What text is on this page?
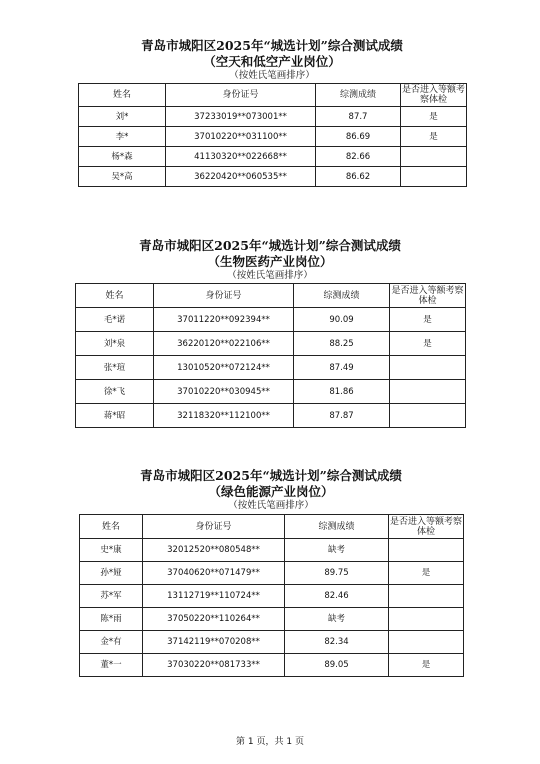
青岛市城阳区2025年“城选计划”综合测试成绩
（空天和低空产业岗位）
（按姓氏笔画排序）
姓名	身份证号	综测成绩	是否进入等额考察体检
刘*	37233019**073001**	87.7	是
李*	37010220**031100**	86.69	是
杨*森	41130320**022668**	82.66	
吴*高	36220420**060535**	86.62	
青岛市城阳区2025年“城选计划”综合测试成绩
（生物医药产业岗位）
（按姓氏笔画排序）
姓名	身份证号	综测成绩	是否进入等额考察体检
毛*诺	37011220**092394**	90.09	是
刘*泉	36220120**022106**	88.25	是
张*瑄	13010520**072124**	87.49	
徐*飞	37010220**030945**	81.86	
蒋*昭	32118320**112100**	87.87	
青岛市城阳区2025年“城选计划”综合测试成绩
（绿色能源产业岗位）
（按姓氏笔画排序）
姓名	身份证号	综测成绩	是否进入等额考察体检
史*康	32012520**080548**	缺考	
孙*娅	37040620**071479**	89.75	是
苏*军	13112719**110724**	82.46	
陈*雨	37050220**110264**	缺考	
金*有	37142119**070208**	82.34	
董*一	37030220**081733**	89.05	是
第 1 页，共 1 页
